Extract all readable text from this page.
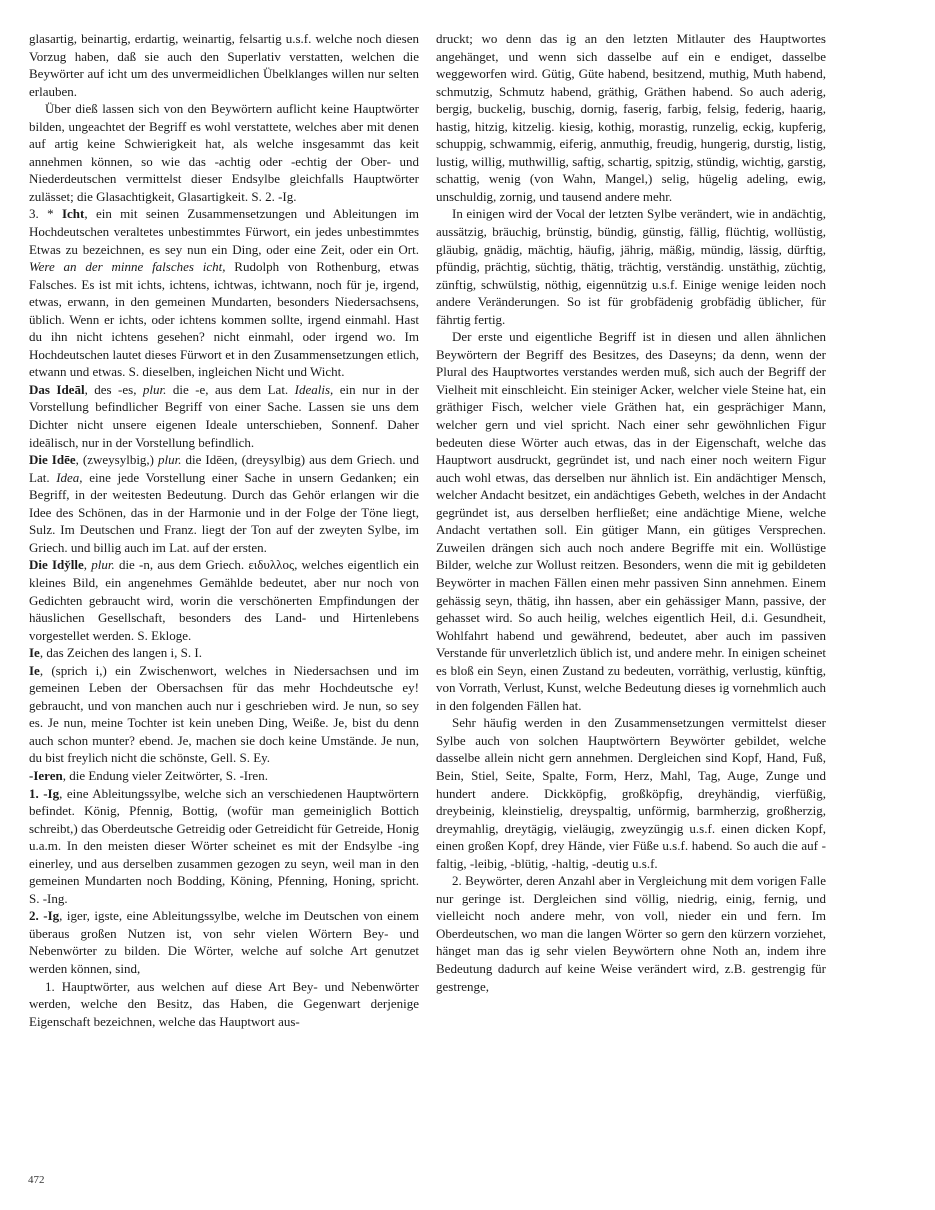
glasartig, beinartig, erdartig, weinartig, felsartig u.s.f. welche noch diesen Vorzug haben, daß sie auch den Superlativ verstatten, welchen die Beywörter auf icht um des unvermeidlichen Übelklanges willen nur selten erlauben.

Über dieß lassen sich von den Beywörtern auflicht keine Hauptwörter bilden, ungeachtet der Begriff es wohl verstattete, welches aber mit denen auf artig keine Schwierigkeit hat, als welche insgesammt das keit annehmen können, so wie das -achtig oder -echtig der Ober- und Niederdeutschen vermittelst dieser Endsylbe gleichfalls Hauptwörter zulässet; die Glasachtigkeit, Glasartigkeit. S. 2. -Ig.

3. * Icht, ein mit seinen Zusammensetzungen und Ableitungen im Hochdeutschen veraltetes unbestimmtes Fürwort, ein jedes unbestimmtes Etwas zu bezeichnen, es sey nun ein Ding, oder eine Zeit, oder ein Ort. Were an der minne falsches icht, Rudolph von Rothenburg, etwas Falsches. Es ist mit ichts, ichtens, ichtwas, ichtwann, noch für je, irgend, etwas, erwann, in den gemeinen Mundarten, besonders Niedersachsens, üblich. Wenn er ichts, oder ichtens kommen sollte, irgend einmahl. Hast du ihn nicht ichtens gesehen? nicht einmahl, oder irgend wo. Im Hochdeutschen lautet dieses Fürwort et in den Zusammensetzungen etlich, etwann und etwas. S. dieselben, ingleichen Nicht und Wicht.

Das Ideāl, des -es, plur. die -e, aus dem Lat. Idealis, ein nur in der Vorstellung befindlicher Begriff von einer Sache. Lassen sie uns dem Dichter nicht unsere eigenen Ideale unterschieben, Sonnenf. Daher ideālisch, nur in der Vorstellung befindlich.

Die Idēe, (zweysylbig,) plur. die Idēen, (dreysylbig) aus dem Griech. und Lat. Idea, eine jede Vorstellung einer Sache in unsern Gedanken; ein Begriff, in der weitesten Bedeutung. Durch das Gehör erlangen wir die Idee des Schönen, das in der Harmonie und in der Folge der Töne liegt, Sulz. Im Deutschen und Franz. liegt der Ton auf der zweyten Sylbe, im Griech. und billig auch im Lat. auf der ersten.

Die Idy̆lle, plur. die -n, aus dem Griech. ειδυλλος, welches eigentlich ein kleines Bild, ein angenehmes Gemählde bedeutet, aber nur noch von Gedichten gebraucht wird, worin die verschönerten Empfindungen der häuslichen Gesellschaft, besonders des Land- und Hirtenlebens vorgestellet werden. S. Ekloge.

Ie, das Zeichen des langen i, S. I.

Ie, (sprich i,) ein Zwischenwort, welches in Niedersachsen und im gemeinen Leben der Obersachsen für das mehr Hochdeutsche ey! gebraucht, und von manchen auch nur i geschrieben wird. Je nun, so sey es. Je nun, meine Tochter ist kein uneben Ding, Weiße. Je, bist du denn auch schon munter? ebend. Je, machen sie doch keine Umstände. Je nun, du bist freylich nicht die schönste, Gell. S. Ey.

-Ieren, die Endung vieler Zeitwörter, S. -Iren.

1. -Ig, eine Ableitungssylbe, welche sich an verschiedenen Hauptwörtern befindet. König, Pfennig, Bottig, (wofür man gemeiniglich Bottich schreibt,) das Oberdeutsche Getreidig oder Getreidicht für Getreide, Honig u.a.m. In den meisten dieser Wörter scheinet es mit der Endsylbe -ing einerley, und aus derselben zusammen gezogen zu seyn, weil man in den gemeinen Mundarten noch Bodding, Köning, Pfenning, Honing, spricht. S. -Ing.

2. -Ig, iger, igste, eine Ableitungssylbe, welche im Deutschen von einem überaus großen Nutzen ist, von sehr vielen Wörtern Bey- und Nebenwörter zu bilden. Die Wörter, welche auf solche Art genutzet werden können, sind,

1. Hauptwörter, aus welchen auf diese Art Bey- und Nebenwörter werden, welche den Besitz, das Haben, die Gegenwart derjenige Eigenschaft bezeichnen, welche das Hauptwort aus-

druckt; wo denn das ig an den letzten Mitlauter des Hauptwortes angehänget, und wenn sich dasselbe auf ein e endiget, dasselbe weggeworfen wird. Gütig, Güte habend, besitzend, muthig, Muth habend, schmutzig, Schmutz habend, gräthig, Gräthen habend. So auch aderig, bergig, buckelig, buschig, dornig, faserig, farbig, felsig, federig, haarig, hastig, hitzig, kitzelig. kiesig, kothig, morastig, runzelig, eckig, kupferig, schuppig, schwammig, eiferig, anmuthig, freudig, hungerig, durstig, listig, lustig, willig, muthwillig, saftig, schartig, spitzig, stündig, wichtig, garstig, schattig, wenig (von Wahn, Mangel,) selig, hügelig adeling, ewig, unschuldig, zornig, und tausend andere mehr.

In einigen wird der Vocal der letzten Sylbe verändert, wie in andächtig, aussätzig, bräuchig, brünstig, bündig, günstig, fällig, flüchtig, wollüstig, gläubig, gnädig, mächtig, häufig, jährig, mäßig, mündig, lässig, dürftig, pfündig, prächtig, süchtig, thätig, trächtig, verständig. unstäthig, züchtig, zünftig, schwülstig, nöthig, eigennützig u.s.f. Einige wenige leiden noch andere Veränderungen. So ist für grobfädenig grobfädig üblicher, für fährtig fertig.

Der erste und eigentliche Begriff ist in diesen und allen ähnlichen Beywörtern der Begriff des Besitzes, des Daseyns; da denn, wenn der Plural des Hauptwortes verstandes werden muß, sich auch der Begriff der Vielheit mit einschleicht. Ein steiniger Acker, welcher viele Steine hat, ein gräthiger Fisch, welcher viele Gräthen hat, ein gesprächiger Mann, welcher gern und viel spricht. Nach einer sehr gewöhnlichen Figur bedeuten diese Wörter auch etwas, das in der Eigenschaft, welche das Hauptwort ausdruckt, gegründet ist, und nach einer noch weitern Figur auch wohl etwas, das derselben nur ähnlich ist. Ein andächtiger Mensch, welcher Andacht besitzet, ein andächtiges Gebeth, welches in der Andacht gegründet ist, aus derselben herfließet; eine andächtige Miene, welche Andacht vertathen soll. Ein gütiger Mann, ein gütiges Versprechen. Zuweilen drängen sich auch noch andere Begriffe mit ein. Wollüstige Bilder, welche zur Wollust reitzen. Besonders, wenn die mit ig gebildeten Beywörter in machen Fällen einen mehr passiven Sinn annehmen. Einem gehässig seyn, thätig, ihn hassen, aber ein gehässiger Mann, passive, der gehasset wird. So auch heilig, welches eigentlich Heil, d.i. Gesundheit, Wohlfahrt habend und gewährend, bedeutet, aber auch im passiven Verstande für unverletzlich üblich ist, und andere mehr. In einigen scheinet es bloß ein Seyn, einen Zustand zu bedeuten, vorräthig, verlustig, künftig, von Vorrath, Verlust, Kunst, welche Bedeutung dieses ig vornehmlich auch in den folgenden Fällen hat.

Sehr häufig werden in den Zusammensetzungen vermittelst dieser Sylbe auch von solchen Hauptwörtern Beywörter gebildet, welche dasselbe allein nicht gern annehmen. Dergleichen sind Kopf, Hand, Fuß, Bein, Stiel, Seite, Spalte, Form, Herz, Mahl, Tag, Auge, Zunge und hundert andere. Dickköpfig, großköpfig, dreyhändig, vierfüßig, dreybeinig, kleinstielig, dreyspaltig, unförmig, barmherzig, großherzig, dreymahlig, dreytägig, vieläugig, zweyzüngig u.s.f. einen dicken Kopf, einen großen Kopf, drey Hände, vier Füße u.s.f. habend. So auch die auf -faltig, -leibig, -blütig, -haltig, -deutig u.s.f.

2. Beywörter, deren Anzahl aber in Vergleichung mit dem vorigen Falle nur geringe ist. Dergleichen sind völlig, niedrig, einig, fernig, und vielleicht noch andere mehr, von voll, nieder ein und fern. Im Oberdeutschen, wo man die langen Wörter so gern den kürzern vorziehet, hänget man das ig sehr vielen Beywörtern ohne Noth an, indem ihre Bedeutung dadurch auf keine Weise verändert wird, z.B. gestrengig für gestrenge,

472
